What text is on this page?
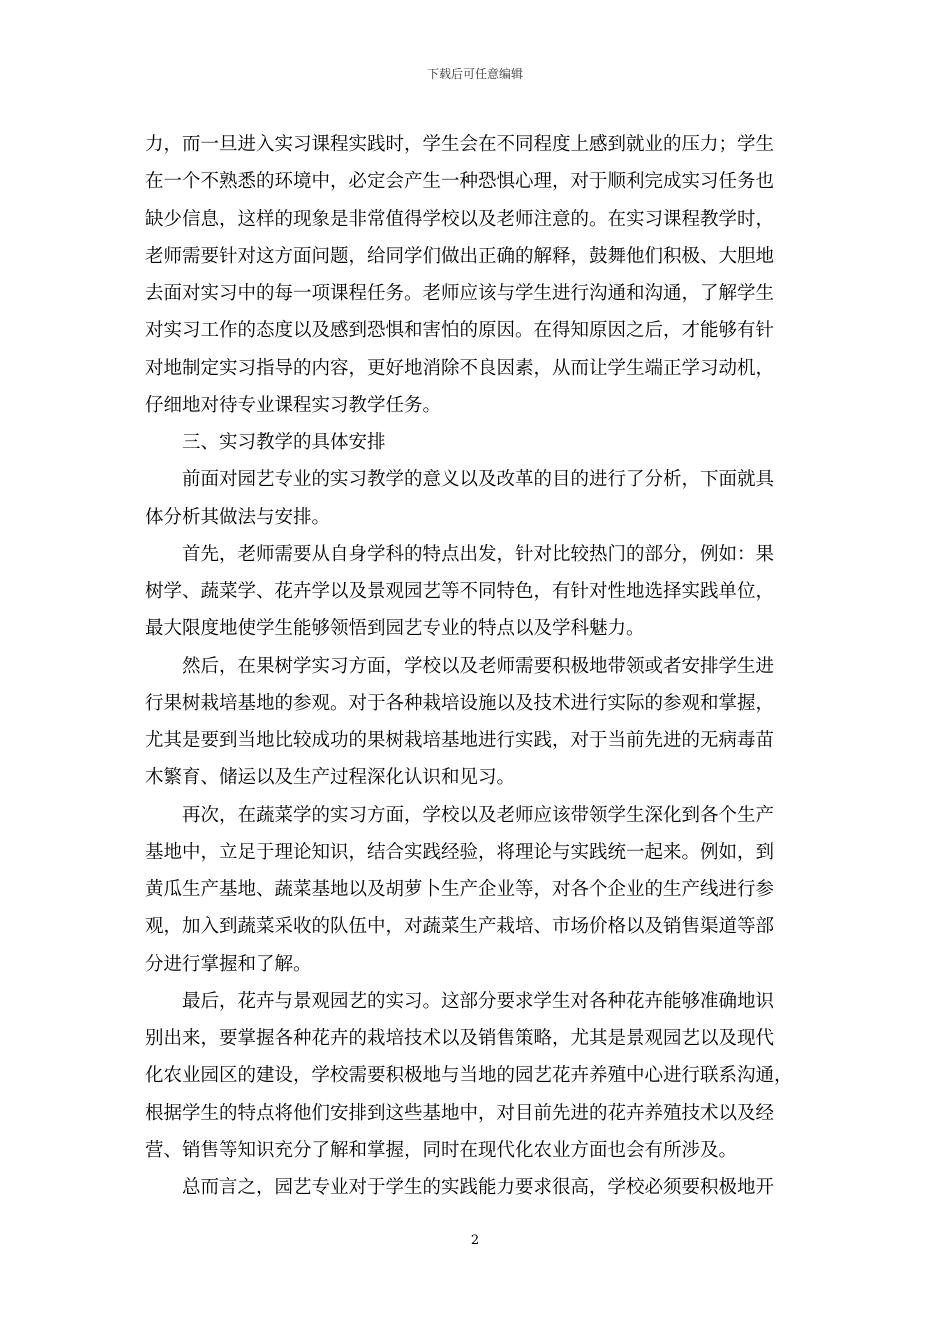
下载后可任意编辑
力，而一旦进入实习课程实践时，学生会在不同程度上感到就业的压力；学生
在一个不熟悉的环境中，必定会产生一种恐惧心理，对于顺利完成实习任务也
缺少信息，这样的现象是非常值得学校以及老师注意的。在实习课程教学时，
老师需要针对这方面问题，给同学们做出正确的解释，鼓舞他们积极、大胆地
去面对实习中的每一项课程任务。老师应该与学生进行沟通和沟通，了解学生
对实习工作的态度以及感到恐惧和害怕的原因。在得知原因之后，才能够有针
对地制定实习指导的内容，更好地消除不良因素，从而让学生端正学习动机，
仔细地对待专业课程实习教学任务。
三、实习教学的具体安排
前面对园艺专业的实习教学的意义以及改革的目的进行了分析，下面就具
体分析其做法与安排。
首先，老师需要从自身学科的特点出发，针对比较热门的部分，例如：果
树学、蔬菜学、花卉学以及景观园艺等不同特色，有针对性地选择实践单位，
最大限度地使学生能够领悟到园艺专业的特点以及学科魅力。
然后，在果树学实习方面，学校以及老师需要积极地带领或者安排学生进
行果树栽培基地的参观。对于各种栽培设施以及技术进行实际的参观和掌握，
尤其是要到当地比较成功的果树栽培基地进行实践，对于当前先进的无病毒苗
木繁育、储运以及生产过程深化认识和见习。
再次，在蔬菜学的实习方面，学校以及老师应该带领学生深化到各个生产
基地中，立足于理论知识，结合实践经验，将理论与实践统一起来。例如，到
黄瓜生产基地、蔬菜基地以及胡萝卜生产企业等，对各个企业的生产线进行参
观，加入到蔬菜采收的队伍中，对蔬菜生产栽培、市场价格以及销售渠道等部
分进行掌握和了解。
最后，花卉与景观园艺的实习。这部分要求学生对各种花卉能够准确地识
别出来，要掌握各种花卉的栽培技术以及销售策略，尤其是景观园艺以及现代
化农业园区的建设，学校需要积极地与当地的园艺花卉养殖中心进行联系沟通，
根据学生的特点将他们安排到这些基地中，对目前先进的花卉养殖技术以及经
营、销售等知识充分了解和掌握，同时在现代化农业方面也会有所涉及。
总而言之，园艺专业对于学生的实践能力要求很高，学校必须要积极地开
2
